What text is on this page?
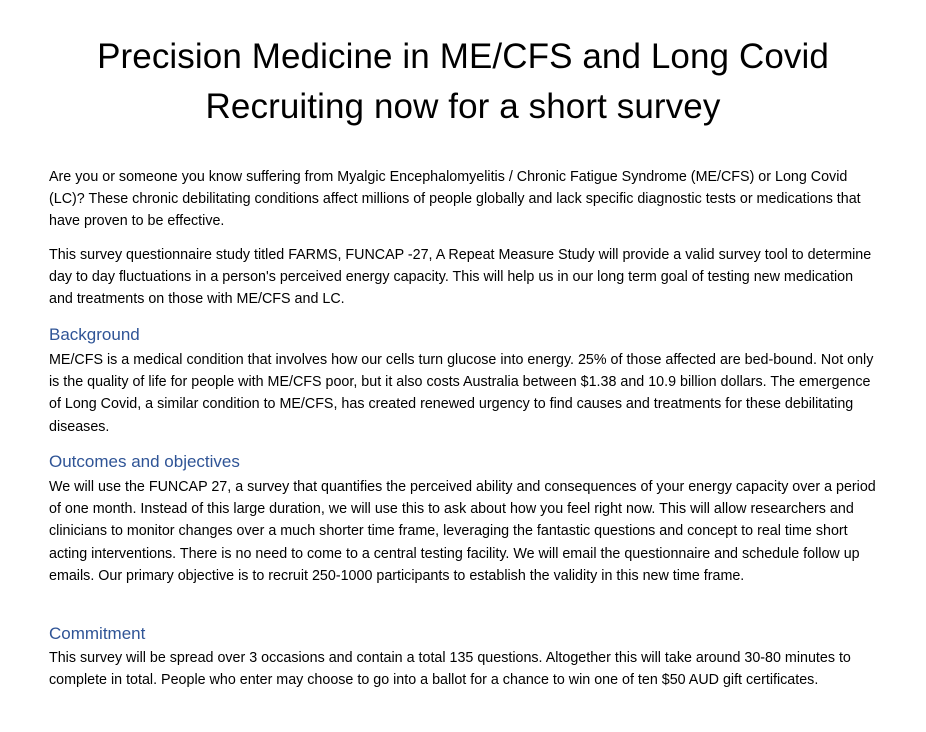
Precision Medicine in ME/CFS and Long Covid
Recruiting now for a short survey

Are you or someone you know suffering from Myalgic Encephalomyelitis / Chronic Fatigue Syndrome (ME/CFS) or Long Covid (LC)? These chronic debilitating conditions affect millions of people globally and lack specific diagnostic tests or medications that have proven to be effective.

This survey questionnaire study titled FARMS, FUNCAP -27, A Repeat Measure Study will provide a valid survey tool to determine day to day fluctuations in a person's perceived energy capacity. This will help us in our long term goal of testing new medication and treatments on those with ME/CFS and LC.

Background

ME/CFS is a medical condition that involves how our cells turn glucose into energy. 25% of those affected are bed-bound. Not only is the quality of life for people with ME/CFS poor, but it also costs Australia between $1.38 and 10.9 billion dollars. The emergence of Long Covid, a similar condition to ME/CFS, has created renewed urgency to find causes and treatments for these debilitating diseases.

Outcomes and objectives

We will use the FUNCAP 27, a survey that quantifies the perceived ability and consequences of your energy capacity over a period of one month. Instead of this large duration, we will use this to ask about how you feel right now. This will allow researchers and clinicians to monitor changes over a much shorter time frame, leveraging the fantastic questions and concept to real time short acting interventions. There is no need to come to a central testing facility. We will email the questionnaire and schedule follow up emails. Our primary objective is to recruit 250-1000 participants to establish the validity in this new time frame.

Commitment

This survey will be spread over 3 occasions and contain a total 135 questions. Altogether this will take around 30-80 minutes to complete in total. People who enter may choose to go into a ballot for a chance to win one of ten $50 AUD gift certificates.
